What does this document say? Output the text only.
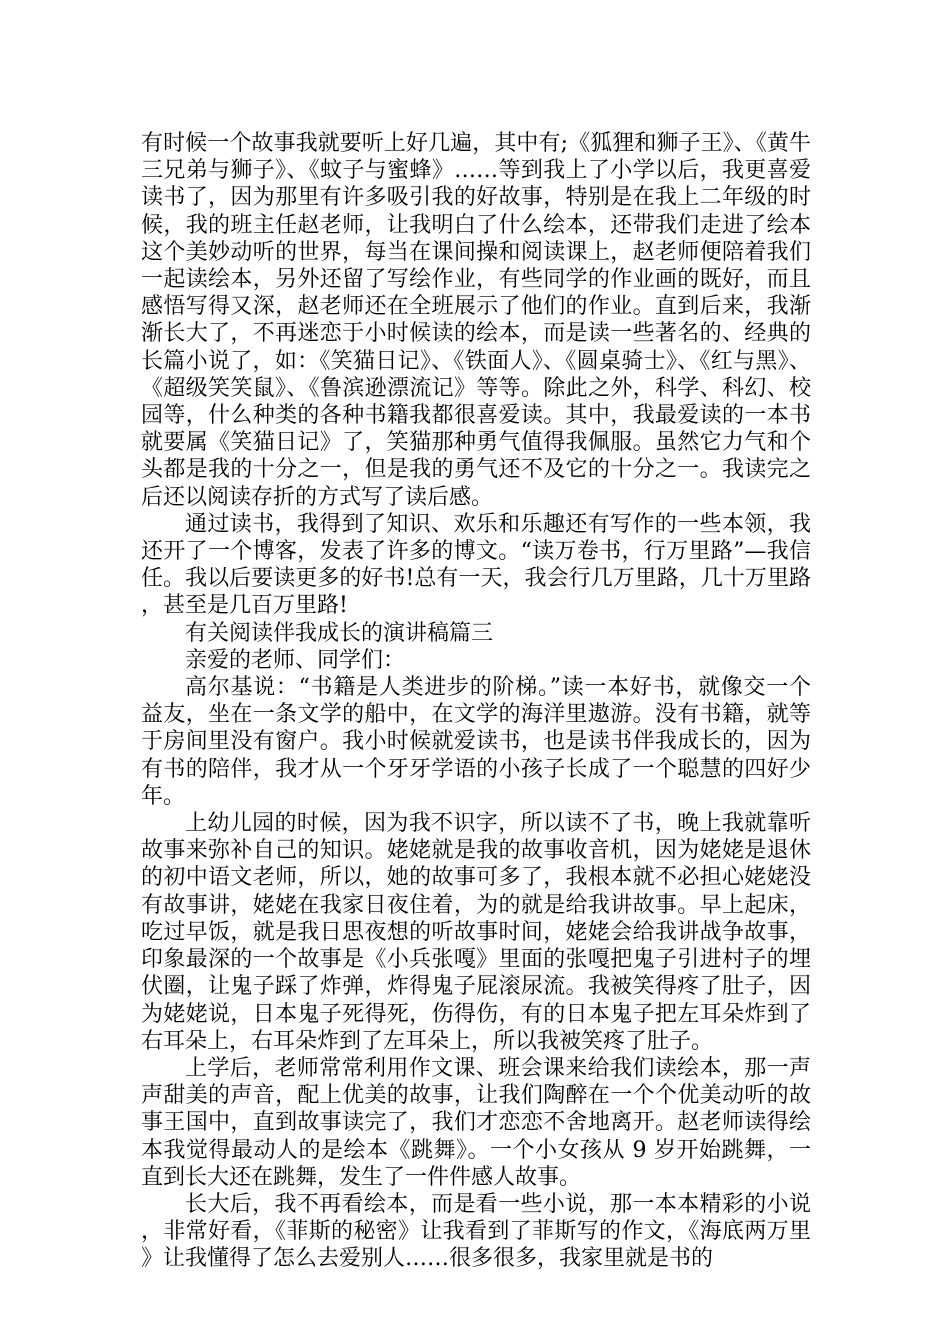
有时候一个故事我就要听上好几遍，其中有;《狐狸和狮子王》、《黄牛三兄弟与狮子》、《蚊子与蜜蜂》……等到我上了小学以后，我更喜爱读书了，因为那里有许多吸引我的好故事，特别是在我上二年级的时候，我的班主任赵老师，让我明白了什么绘本，还带我们走进了绘本这个美妙动听的世界，每当在课间操和阅读课上，赵老师便陪着我们一起读绘本，另外还留了写绘作业，有些同学的作业画的既好，而且感悟写得又深，赵老师还在全班展示了他们的作业。直到后来，我渐渐长大了，不再迷恋于小时候读的绘本，而是读一些著名的、经典的长篇小说了，如：《笑猫日记》、《铁面人》、《圆桌骑士》、《红与黑》、《超级笑笑鼠》、《鲁滨逊漂流记》等等。除此之外，科学、科幻、校园等，什么种类的各种书籍我都很喜爱读。其中，我最爱读的一本书就要属《笑猫日记》了，笑猫那种勇气值得我佩服。虽然它力气和个头都是我的十分之一，但是我的勇气还不及它的十分之一。我读完之后还以阅读存折的方式写了读后感。

通过读书，我得到了知识、欢乐和乐趣还有写作的一些本领，我还开了一个博客，发表了许多的博文。“读万卷书，行万里路”—我信任。我以后要读更多的好书!总有一天，我会行几万里路，几十万里路，甚至是几百万里路!

有关阅读伴我成长的演讲稿篇三

亲爱的老师、同学们：

高尔基说：“书籍是人类进步的阶梯。”读一本好书，就像交一个益友，坐在一条文学的船中，在文学的海洋里遨游。没有书籍，就等于房间里没有窗户。我小时候就爱读书，也是读书伴我成长的，因为有书的陪伴，我才从一个牙牙学语的小孩子长成了一个聪慧的四好少年。

上幼儿园的时候，因为我不识字，所以读不了书，晚上我就靠听故事来弥补自己的知识。姥姥就是我的故事收音机，因为姥姥是退休的初中语文老师，所以，她的故事可多了，我根本就不必担心姥姥没有故事讲，姥姥在我家日夜住着，为的就是给我讲故事。早上起床，吃过早饭，就是我日思夜想的听故事时间，姥姥会给我讲战争故事，印象最深的一个故事是《小兵张嘎》里面的张嘎把鬼子引进村子的埋伏圈，让鬼子踩了炸弹，炸得鬼子屁滚尿流。我被笑得疼了肚子，因为姥姥说，日本鬼子死得死，伤得伤，有的日本鬼子把左耳朵炸到了右耳朵上，右耳朵炸到了左耳朵上，所以我被笑疼了肚子。

上学后，老师常常利用作文课、班会课来给我们读绘本，那一声声甜美的声音，配上优美的故事，让我们陶醉在一个个优美动听的故事王国中，直到故事读完了，我们才恋恋不舍地离开。赵老师读得绘本我觉得最动人的是绘本《跳舞》。一个小女孩从 9 岁开始跳舞，一直到长大还在跳舞，发生了一件件感人故事。

长大后，我不再看绘本，而是看一些小说，那一本本精彩的小说，非常好看，《菲斯的秘密》让我看到了菲斯写的作文，《海底两万里》让我懂得了怎么去爱别人……很多很多，我家里就是书的
